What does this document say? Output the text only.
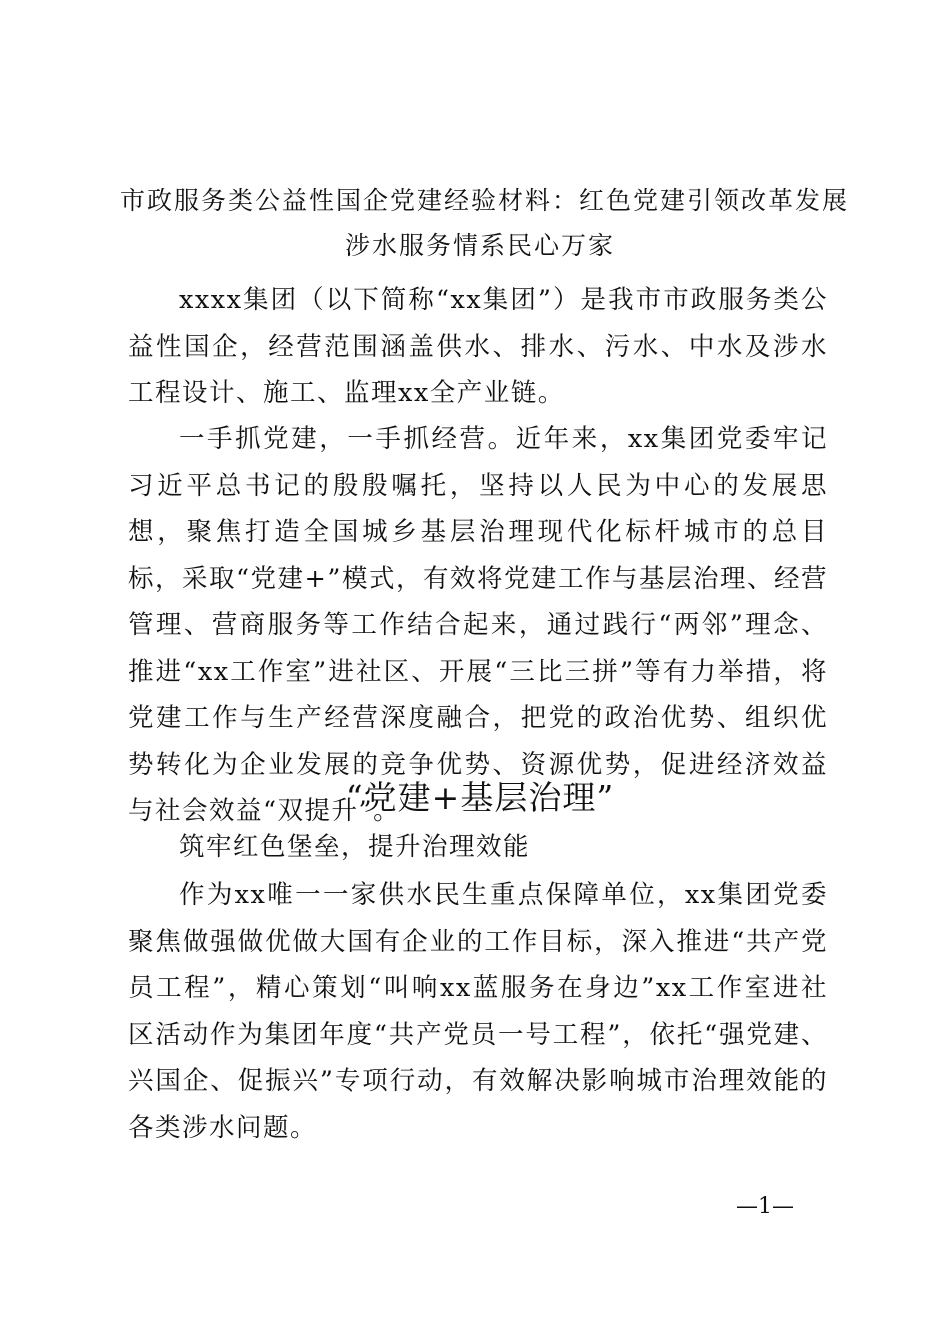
市政服务类公益性国企党建经验材料：红色党建引领改革发展
涉水服务情系民心万家

xxxx集团（以下简称“xx集团”）是我市市政服务类公益性国企，经营范围涵盖供水、排水、污水、中水及涉水工程设计、施工、监理xx全产业链。

一手抓党建，一手抓经营。近年来，xx集团党委牢记习近平总书记的殷殷嘱托，坚持以人民为中心的发展思想，聚焦打造全国城乡基层治理现代化标杆城市的总目标，采取“党建+”模式，有效将党建工作与基层治理、经营管理、营商服务等工作结合起来，通过践行“两邻”理念、推进“xx工作室”进社区、开展“三比三拼”等有力举措，将党建工作与生产经营深度融合，把党的政治优势、组织优势转化为企业发展的竞争优势、资源优势，促进经济效益与社会效益“双提升”。

“党建+基层治理”
筑牢红色堡垒，提升治理效能

作为xx唯一一家供水民生重点保障单位，xx集团党委聚焦做强做优做大国有企业的工作目标，深入推进“共产党员工程”，精心策划“叫响xx蓝服务在身边”xx工作室进社区活动作为集团年度“共产党员一号工程”，依托“强党建、兴国企、促振兴”专项行动，有效解决影响城市治理效能的各类涉水问题。

—1—
